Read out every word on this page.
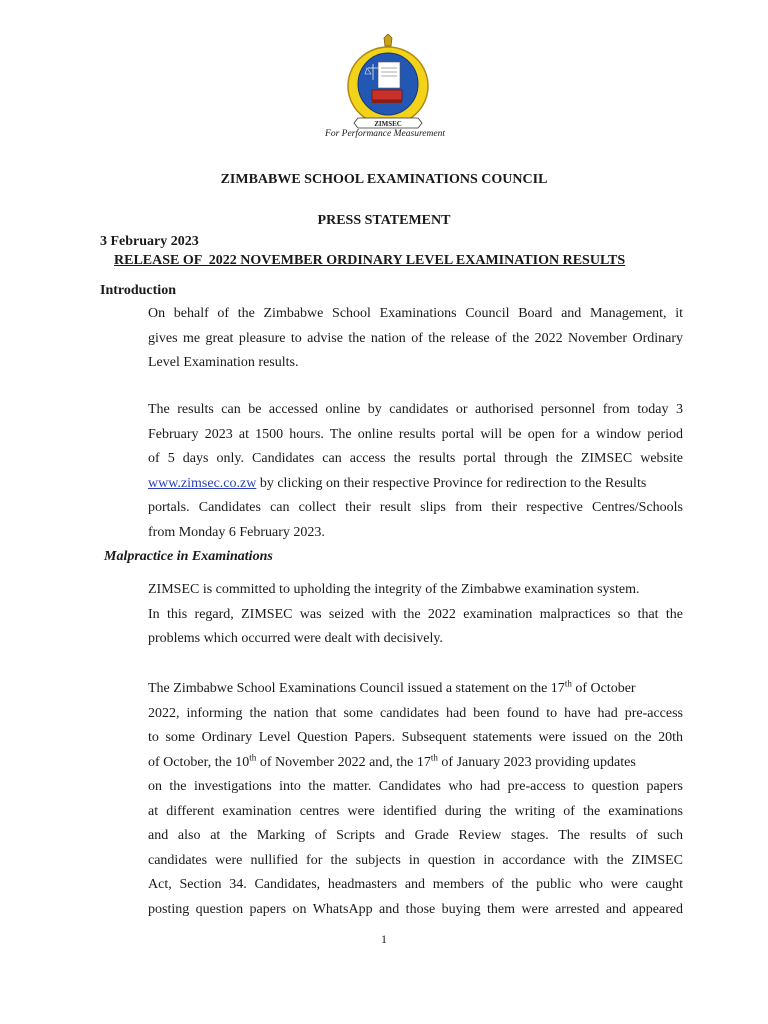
ZIMSEC
For Performance Measurement
ZIMBABWE SCHOOL EXAMINATIONS COUNCIL
PRESS STATEMENT
3 February 2023
RELEASE OF  2022 NOVEMBER ORDINARY LEVEL EXAMINATION RESULTS
Introduction
On behalf of the Zimbabwe School Examinations Council Board and Management, it
gives me great pleasure to advise the nation of the release of the 2022 November Ordinary
Level Examination results.
The results can be accessed online by candidates or authorised personnel from today 3
February 2023 at 1500 hours. The online results portal will be open for a window period
of 5 days only. Candidates can access the results portal through the ZIMSEC website
www.zimsec.co.zw by clicking on their respective Province for redirection to the Results
portals. Candidates can collect their result slips from their respective Centres/Schools
from Monday 6 February 2023.
Malpractice in Examinations
ZIMSEC is committed to upholding the integrity of the Zimbabwe examination system.
In this regard, ZIMSEC was seized with the 2022 examination malpractices so that the
problems which occurred were dealt with decisively.
The Zimbabwe School Examinations Council issued a statement on the 17th of October
2022, informing the nation that some candidates had been found to have had pre-access
to some Ordinary Level Question Papers. Subsequent statements were issued on the 20th
of October, the 10th of November 2022 and, the 17th of January 2023 providing updates
on the investigations into the matter. Candidates who had pre-access to question papers
at different examination centres were identified during the writing of the examinations
and also at the Marking of Scripts and Grade Review stages. The results of such
candidates were nullified for the subjects in question in accordance with the ZIMSEC
Act, Section 34. Candidates, headmasters and members of the public who were caught
posting question papers on WhatsApp and those buying them were arrested and appeared
1
